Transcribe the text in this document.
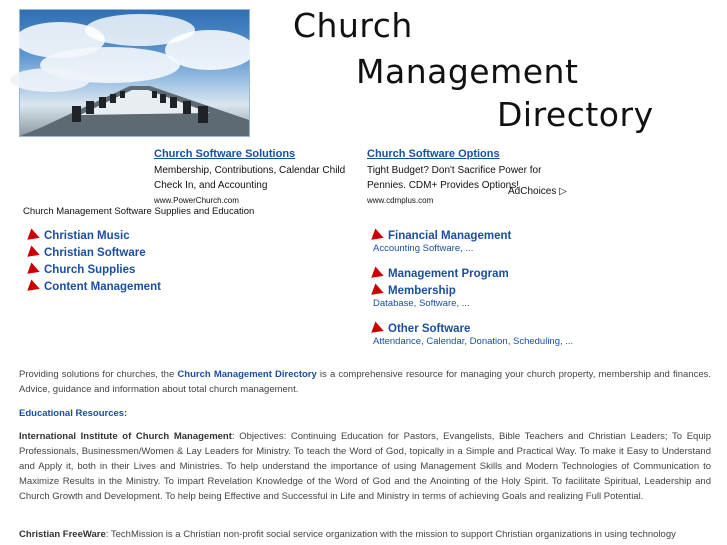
Church
Management
Directory
Church Software Solutions
Membership, Contributions, Calendar Child
Check In, and Accounting
www.PowerChurch.com
Church Software Options
Tight Budget? Don't Sacrifice Power for
Pennies. CDM+ Provides Options!
www.cdmplus.com
AdChoices ▷
Church Management Software Supplies and Education
Christian Music
Christian Software
Church Supplies
Content Management
Financial Management
Accounting Software, ...
Management Program
Membership
Database, Software, ...
Other Software
Attendance, Calendar, Donation, Scheduling, ...
Providing solutions for churches, the Church Management Directory is a comprehensive resource for managing your church property, membership and finances. Advice, guidance and information about total church management.
Educational Resources:
International Institute of Church Management: Objectives: Continuing Education for Pastors, Evangelists, Bible Teachers and Christian Leaders; To Equip Professionals, Businessmen/Women & Lay Leaders for Ministry. To teach the Word of God, topically in a Simple and Practical Way. To make it Easy to Understand and Apply it, both in their Lives and Ministries. To help understand the importance of using Management Skills and Modern Technologies of Communication to Maximize Results in the Ministry. To impart Revelation Knowledge of the Word of God and the Anointing of the Holy Spirit. To facilitate Spiritual, Leadership and Church Growth and Development. To help being Effective and Successful in Life and Ministry in terms of achieving Goals and realizing Full Potential.
Christian FreeWare: TechMission is a Christian non-profit social service organization with the mission to support Christian organizations in using technology
